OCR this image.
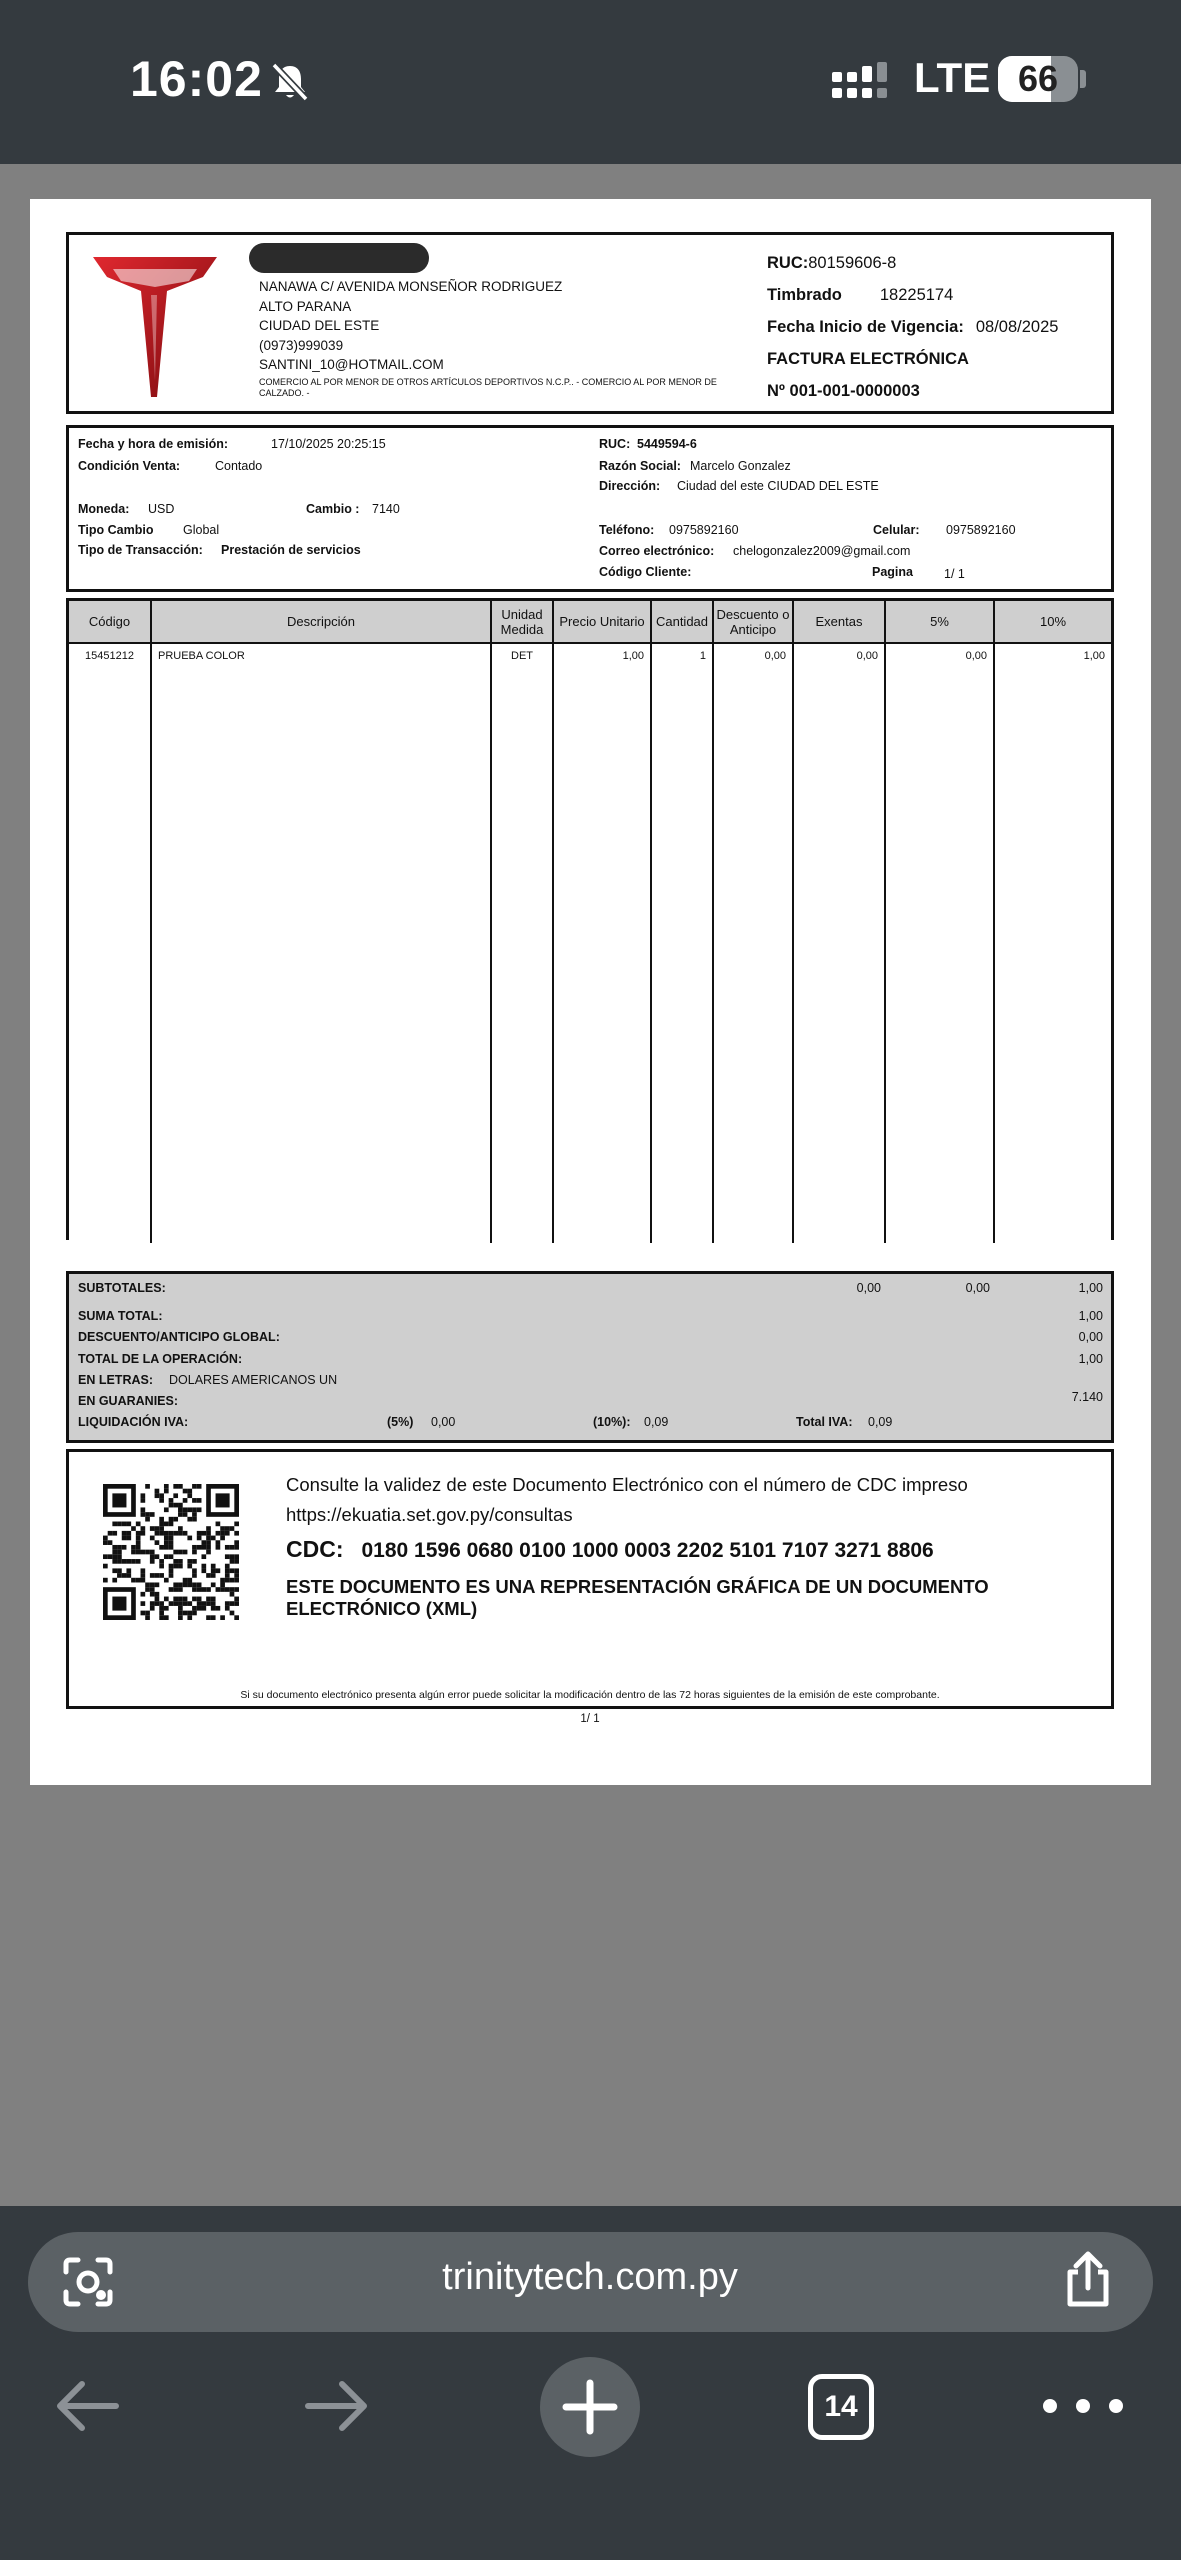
16:02	LTE 66
NANAWA C/ AVENIDA MONSEÑOR RODRIGUEZ
ALTO PARANA
CIUDAD DEL ESTE
(0973)999039
SANTINI_10@HOTMAIL.COM
COMERCIO AL POR MENOR DE OTROS ARTÍCULOS DEPORTIVOS N.C.P.. - COMERCIO AL POR MENOR DE CALZADO. -
RUC:80159606-8
Timbrado 18225174
Fecha Inicio de Vigencia: 08/08/2025
FACTURA ELECTRÓNICA
Nº 001-001-0000003
Fecha y hora de emisión:	17/10/2025 20:25:15
Condición Venta:	Contado
Moneda: USD	Cambio : 7140
Tipo Cambio Global
Tipo de Transacción: Prestación de servicios
RUC: 5449594-6
Razón Social: Marcelo Gonzalez
Dirección: Ciudad del este CIUDAD DEL ESTE
Teléfono: 0975892160	Celular: 0975892160
Correo electrónico: chelogonzalez2009@gmail.com
Código Cliente:	Pagina 1/ 1
Código	Descripción	Unidad Medida	Precio Unitario	Cantidad	Descuento o Anticipo	Exentas	5%	10%
15451212	PRUEBA COLOR	DET	1,00	1	0,00	0,00	0,00	1,00
SUBTOTALES:	0,00	0,00	1,00
SUMA TOTAL:	1,00
DESCUENTO/ANTICIPO GLOBAL:	0,00
TOTAL DE LA OPERACIÓN:	1,00
EN LETRAS: DOLARES AMERICANOS UN
EN GUARANIES:	7.140
LIQUIDACIÓN IVA:	(5%) 0,00	(10%): 0,09	Total IVA: 0,09
Consulte la validez de este Documento Electrónico con el número de CDC impreso
https://ekuatia.set.gov.py/consultas
CDC: 0180 1596 0680 0100 1000 0003 2202 5101 7107 3271 8806
ESTE DOCUMENTO ES UNA REPRESENTACIÓN GRÁFICA DE UN DOCUMENTO ELECTRÓNICO (XML)
Si su documento electrónico presenta algún error puede solicitar la modificación dentro de las 72 horas siguientes de la emisión de este comprobante.
1/ 1
trinitytech.com.py
14
